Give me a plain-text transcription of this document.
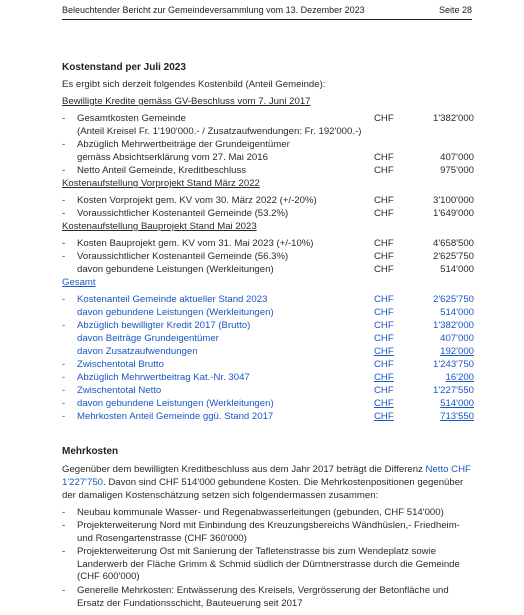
Beleuchtender Bericht zur Gemeindeversammlung vom 13. Dezember 2023	Seite 28
Kostenstand per Juli 2023
Es ergibt sich derzeit folgendes Kostenbild (Anteil Gemeinde):
Bewilligte Kredite gemäss GV-Beschluss vom 7. Juni 2017
- Gesamtkosten Gemeinde	CHF	1'382'000
(Anteil Kreisel Fr. 1'190'000.- / Zusatzaufwendungen: Fr. 192'000.-)
- Abzüglich Mehrwertbeiträge der Grundeigentümer
gemäss Absichtserklärung vom 27. Mai 2016	CHF	407'000
- Netto Anteil Gemeinde, Kreditbeschluss	CHF	975'000
Kostenaufstellung Vorprojekt Stand März 2022
- Kosten Vorprojekt gem. KV vom 30. März 2022 (+/-20%)	CHF	3'100'000
- Voraussichtlicher Kostenanteil Gemeinde (53.2%)	CHF	1'649'000
Kostenaufstellung Bauprojekt Stand Mai 2023
- Kosten Bauprojekt gem. KV vom 31. Mai 2023 (+/-10%)	CHF	4'658'500
- Voraussichtlicher Kostenanteil Gemeinde (56.3%)	CHF	2'625'750
davon gebundene Leistungen (Werkleitungen)	CHF	514'000
Gesamt
- Kostenanteil Gemeinde aktueller Stand 2023	CHF	2'625'750
davon gebundene Leistungen (Werkleitungen)	CHF	514'000
- Abzüglich bewilligter Kredit 2017 (Brutto)	CHF	1'382'000
davon Beiträge Grundeigentümer	CHF	407'000
davon Zusatzaufwendungen	CHF	192'000
- Zwischentotal Brutto	CHF	1'243'750
- Abzüglich Mehrwertbeitrag Kat.-Nr. 3047	CHF	16'200
- Zwischentotal Netto	CHF	1'227'550
- davon gebundene Leistungen (Werkleitungen)	CHF	514'000
- Mehrkosten Anteil Gemeinde ggü. Stand 2017	CHF	713'550
Mehrkosten
Gegenüber dem bewilligten Kreditbeschluss aus dem Jahr 2017 beträgt die Differenz Netto CHF 1'227'750. Davon sind CHF 514'000 gebundene Kosten. Die Mehrkostenpositionen gegenüber der damaligen Kostenschätzung setzen sich folgendermassen zusammen:
- Neubau kommunale Wasser- und Regenabwasserleitungen (gebunden, CHF 514'000)
- Projekterweiterung Nord mit Einbindung des Kreuzungsbereichs Wändhüslen,- Friedheim- und Rosengartenstrasse (CHF 360'000)
- Projekterweiterung Ost mit Sanierung der Tafletenstrasse bis zum Wendeplatz sowie Landerwerb der Fläche Grimm & Schmid südlich der Dürntnerstrasse durch die Gemeinde (CHF 600'000)
- Generelle Mehrkosten: Entwässerung des Kreisels, Vergrösserung der Betonfläche und Ersatz der Fundationsschicht, Bauteuerung seit 2017
